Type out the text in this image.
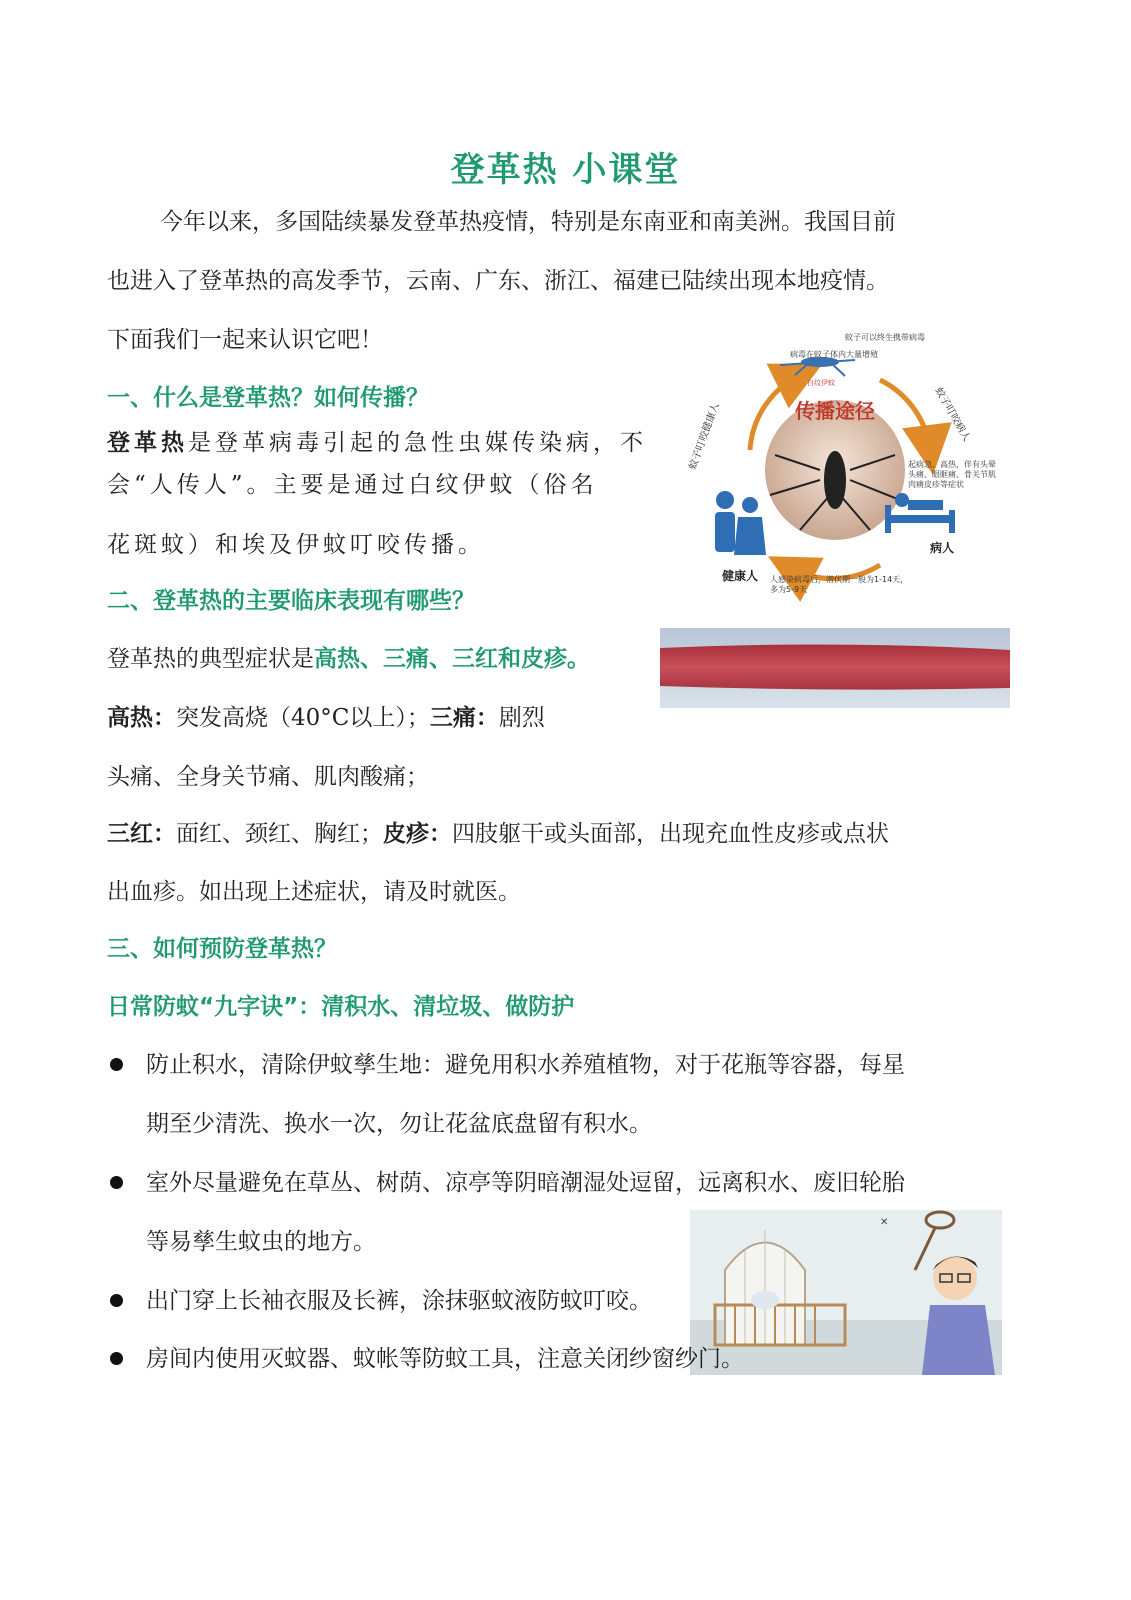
登革热 小课堂
今年以来，多国陆续暴发登革热疫情，特别是东南亚和南美洲。我国目前
也进入了登革热的高发季节，云南、广东、浙江、福建已陆续出现本地疫情。
下面我们一起来认识它吧！
一、什么是登革热？如何传播？
登革热是登革病毒引起的急性虫媒传染病，不
会“人传人”。主要是通过白纹伊蚊（俗名
花斑蚊）和埃及伊蚊叮咬传播。
传播途径
病毒在蚊子体内大量增殖
蚊子可以终生携带病毒
白纹伊蚊
蚊子叮咬病人
蚊子叮咬健康人	起病急、高热，伴有头晕头痛、眼眶痛、骨关节肌肉痛皮疹等症状
病人
健康人 人感染病毒后，潜伏期一般为1-14天，多为5-9天
二、登革热的主要临床表现有哪些？
登革热的典型症状是高热、三痛、三红和皮疹。
高热：突发高烧（40°C以上）；三痛：剧烈
头痛、全身关节痛、肌肉酸痛；
三红：面红、颈红、胸红；皮疹：四肢躯干或头面部，出现充血性皮疹或点状
出血疹。如出现上述症状，请及时就医。
三、如何预防登革热？
日常防蚊“九字诀”：清积水、清垃圾、做防护
防止积水，清除伊蚊孳生地：避免用积水养殖植物，对于花瓶等容器，每星
期至少清洗、换水一次，勿让花盆底盘留有积水。
室外尽量避免在草丛、树荫、凉亭等阴暗潮湿处逗留，远离积水、废旧轮胎
等易孳生蚊虫的地方。
✕
出门穿上长袖衣服及长裤，涂抹驱蚊液防蚊叮咬。
房间内使用灭蚊器、蚊帐等防蚊工具，注意关闭纱窗纱门。
